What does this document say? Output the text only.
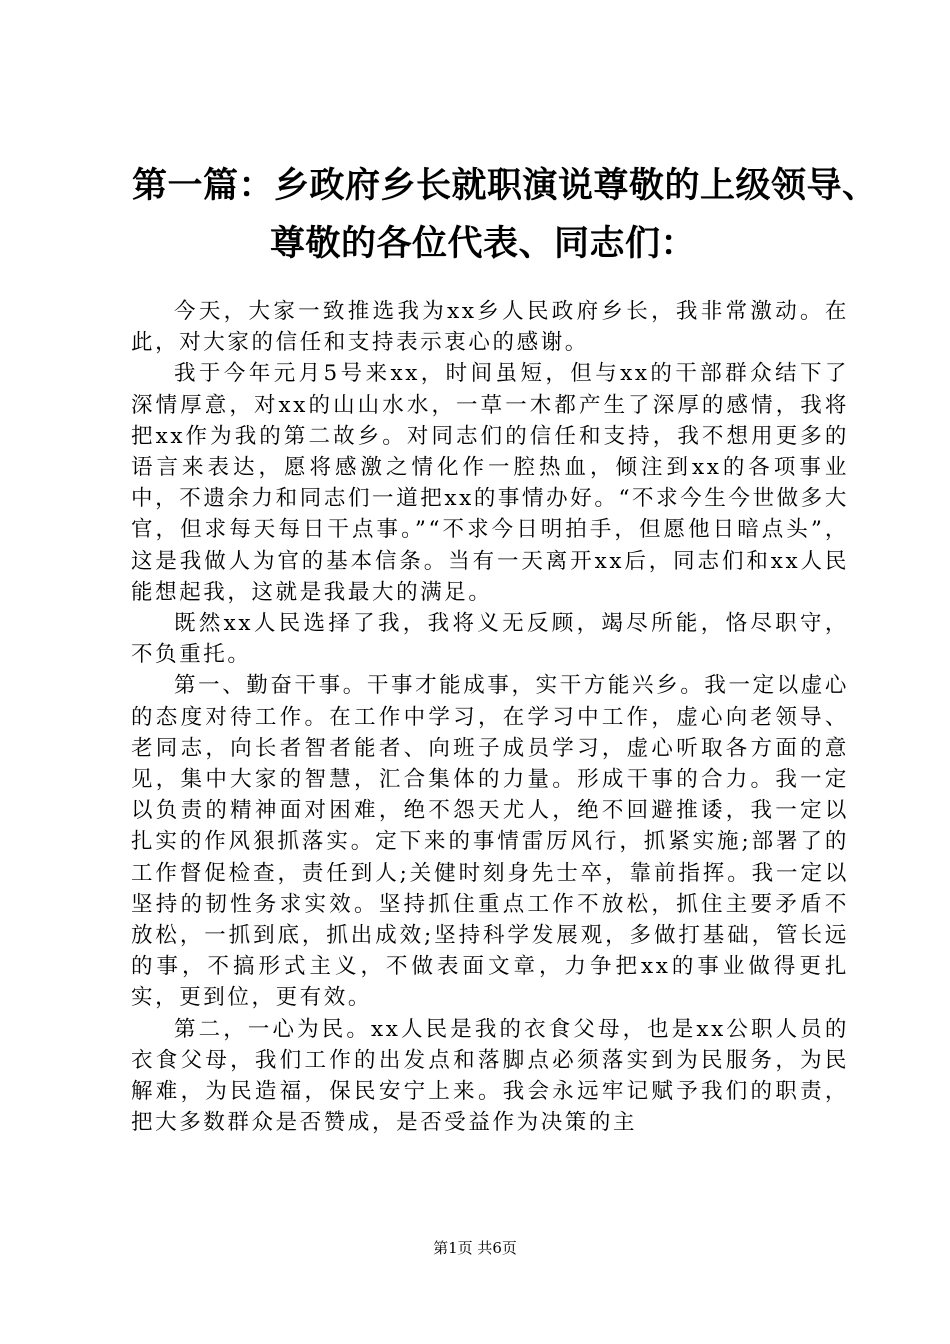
第一篇：乡政府乡长就职演说尊敬的上级领导、
尊敬的各位代表、同志们：

今天，大家一致推选我为xx乡人民政府乡长，我非常激动。在此，对大家的信任和支持表示衷心的感谢。

我于今年元月5号来xx，时间虽短，但与xx的干部群众结下了深情厚意，对xx的山山水水，一草一木都产生了深厚的感情，我将把xx作为我的第二故乡。对同志们的信任和支持，我不想用更多的语言来表达，愿将感激之情化作一腔热血，倾注到xx的各项事业中，不遗余力和同志们一道把xx的事情办好。“不求今生今世做多大官，但求每天每日干点事。”“不求今日明拍手，但愿他日暗点头”，这是我做人为官的基本信条。当有一天离开xx后，同志们和xx人民能想起我，这就是我最大的满足。

既然xx人民选择了我，我将义无反顾，竭尽所能，恪尽职守，不负重托。

第一、勤奋干事。干事才能成事，实干方能兴乡。我一定以虚心的态度对待工作。在工作中学习，在学习中工作，虚心向老领导、老同志，向长者智者能者、向班子成员学习，虚心听取各方面的意见，集中大家的智慧，汇合集体的力量。形成干事的合力。我一定以负责的精神面对困难，绝不怨天尤人，绝不回避推诿，我一定以扎实的作风狠抓落实。定下来的事情雷厉风行，抓紧实施;部署了的工作督促检查，责任到人;关健时刻身先士卒，靠前指挥。我一定以坚持的韧性务求实效。坚持抓住重点工作不放松，抓住主要矛盾不放松，一抓到底，抓出成效;坚持科学发展观，多做打基础，管长远的事，不搞形式主义，不做表面文章，力争把xx的事业做得更扎实，更到位，更有效。

第二，一心为民。xx人民是我的衣食父母，也是xx公职人员的衣食父母，我们工作的出发点和落脚点必须落实到为民服务，为民解难，为民造福，保民安宁上来。我会永远牢记赋予我们的职责，把大多数群众是否赞成，是否受益作为决策的主

第1页 共6页
